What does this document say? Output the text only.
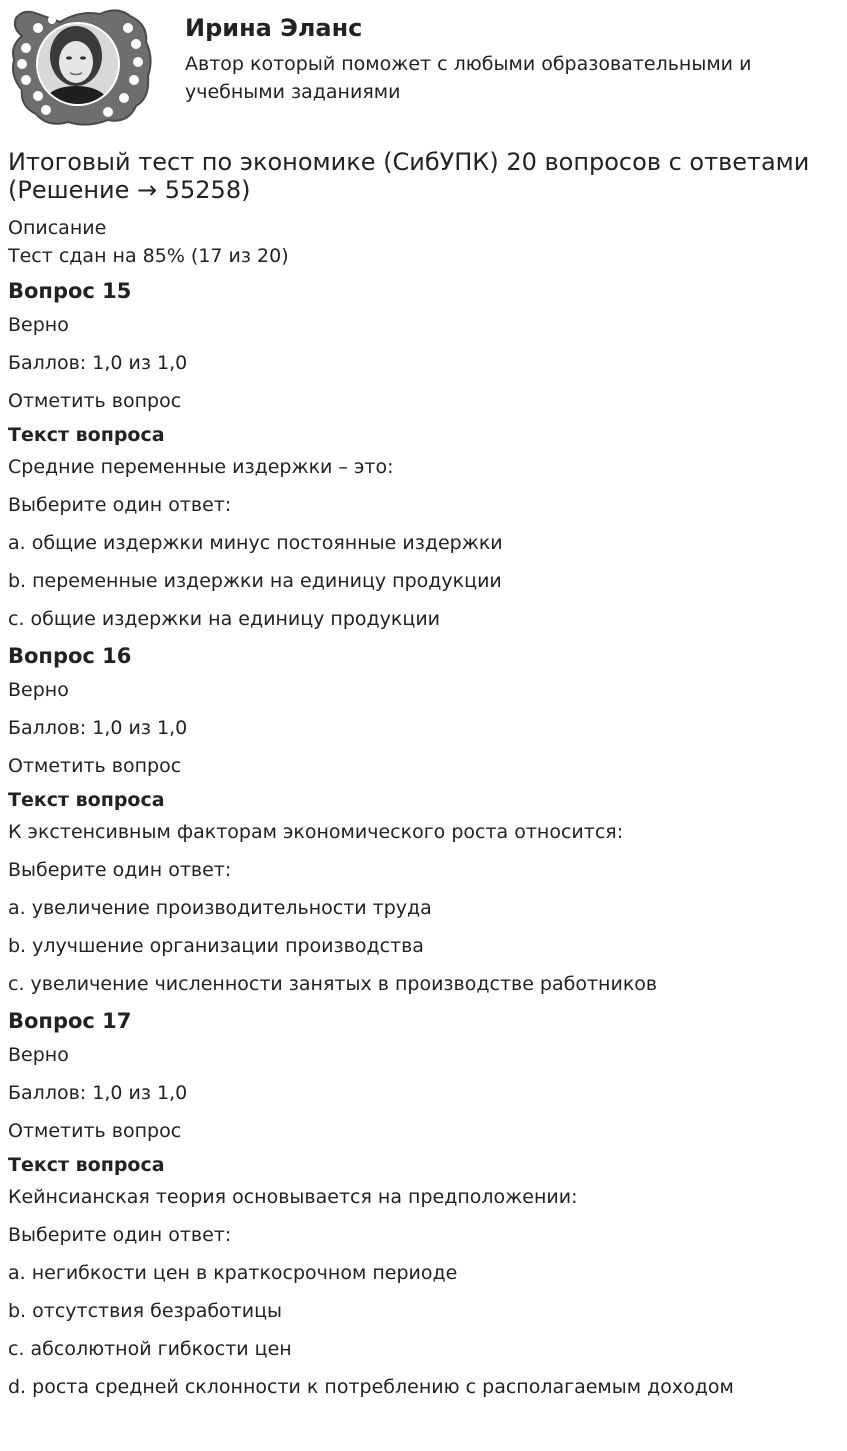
Ирина Эланс

Автор который поможет с любыми образовательными и учебными заданиями

Итоговый тест по экономике (СибУПК) 20 вопросов с ответами (Решение → 55258)
Описание
Тест сдан на 85% (17 из 20)
Вопрос 15

Верно

Баллов: 1,0 из 1,0

Отметить вопрос

Текст вопроса

Средние переменные издержки – это:

Выберите один ответ:

a. общие издержки минус постоянные издержки

b. переменные издержки на единицу продукции

c. общие издержки на единицу продукции

Вопрос 16

Верно

Баллов: 1,0 из 1,0

Отметить вопрос

Текст вопроса

К экстенсивным факторам экономического роста относится:

Выберите один ответ:

a. увеличение производительности труда

b. улучшение организации производства

c. увеличение численности занятых в производстве работников

Вопрос 17

Верно

Баллов: 1,0 из 1,0

Отметить вопрос

Текст вопроса

Кейнсианская теория основывается на предположении:

Выберите один ответ:

a. негибкости цен в краткосрочном периоде

b. отсутствия безработицы

c. абсолютной гибкости цен

d. роста средней склонности к потреблению с располагаемым доходом
